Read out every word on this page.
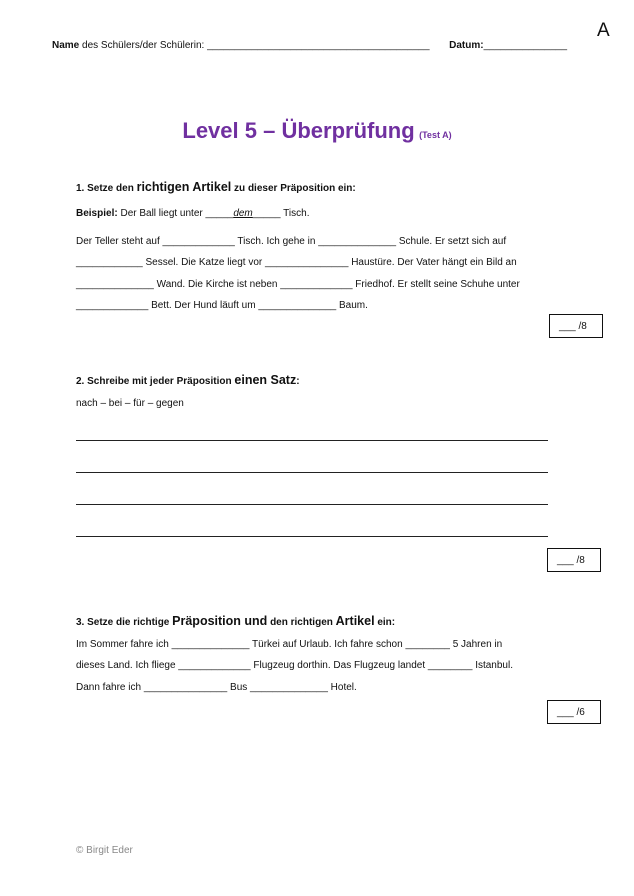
A
Name des Schülers/der Schülerin: ________________________________________ Datum:_______________
Level 5 – Überprüfung (Test A)
1. Setze den richtigen Artikel zu dieser Präposition ein:
Beispiel: Der Ball liegt unter _____dem_____ Tisch.
Der Teller steht auf _____________ Tisch. Ich gehe in ______________ Schule. Er setzt sich auf
____________ Sessel. Die Katze liegt vor _______________ Haustüre. Der Vater hängt ein Bild an
______________ Wand. Die Kirche ist neben _____________ Friedhof. Er stellt seine Schuhe unter
_____________ Bett. Der Hund läuft um ______________ Baum.
___ /8
2. Schreibe mit jeder Präposition einen Satz:
nach – bei – für – gegen
___ /8
3. Setze die richtige Präposition und den richtigen Artikel ein:
Im Sommer fahre ich ______________ Türkei auf Urlaub. Ich fahre schon ________ 5 Jahren in
dieses Land. Ich fliege _____________ Flugzeug dorthin. Das Flugzeug landet ________ Istanbul.
Dann fahre ich _______________ Bus ______________ Hotel.
___ /6
© Birgit Eder
